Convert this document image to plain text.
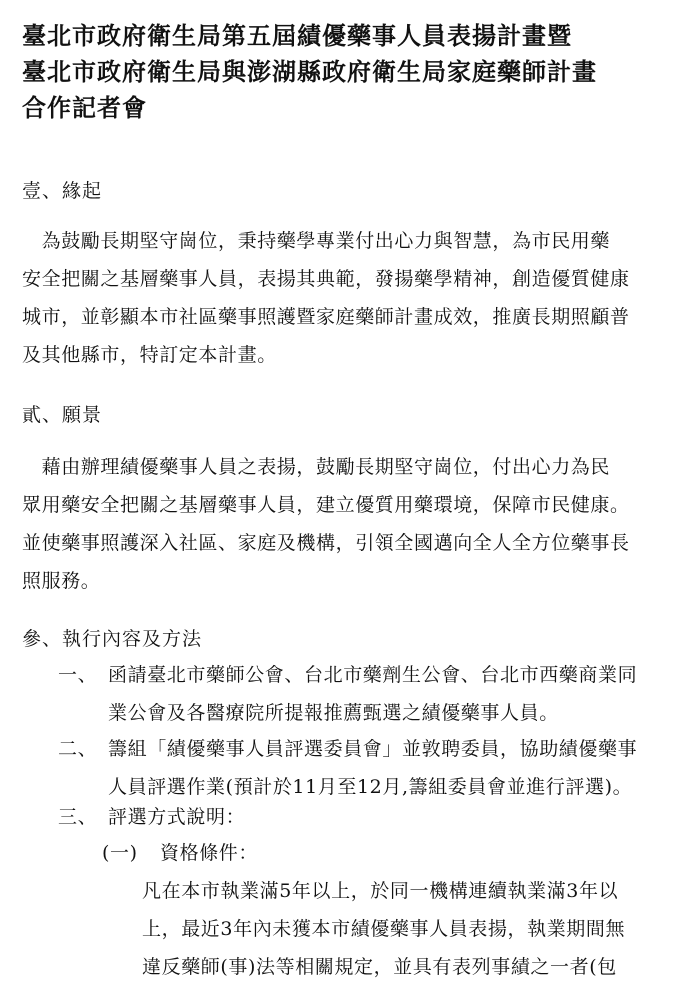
臺北市政府衛生局第五屆績優藥事人員表揚計畫暨
臺北市政府衛生局與澎湖縣政府衛生局家庭藥師計畫
合作記者會
壹、緣起
　為鼓勵長期堅守崗位，秉持藥學專業付出心力與智慧，為市民用藥
安全把關之基層藥事人員，表揚其典範，發揚藥學精神，創造優質健康
城市，並彰顯本市社區藥事照護暨家庭藥師計畫成效，推廣長期照顧普
及其他縣市，特訂定本計畫。
貳、願景
　藉由辦理績優藥事人員之表揚，鼓勵長期堅守崗位，付出心力為民
眾用藥安全把關之基層藥事人員，建立優質用藥環境，保障市民健康。
並使藥事照護深入社區、家庭及機構，引領全國邁向全人全方位藥事長
照服務。
參、執行內容及方法
一、 函請臺北市藥師公會、台北市藥劑生公會、台北市西藥商業同
業公會及各醫療院所提報推薦甄選之績優藥事人員。
二、 籌組「績優藥事人員評選委員會」並敦聘委員，協助績優藥事
人員評選作業(預計於11月至12月,籌組委員會並進行評選)。
三、 評選方式說明：
(一) 資格條件：
凡在本市執業滿5年以上，於同一機構連續執業滿3年以
上，最近3年內未獲本市績優藥事人員表揚，執業期間無
違反藥師(事)法等相關規定，並具有表列事績之一者(包
